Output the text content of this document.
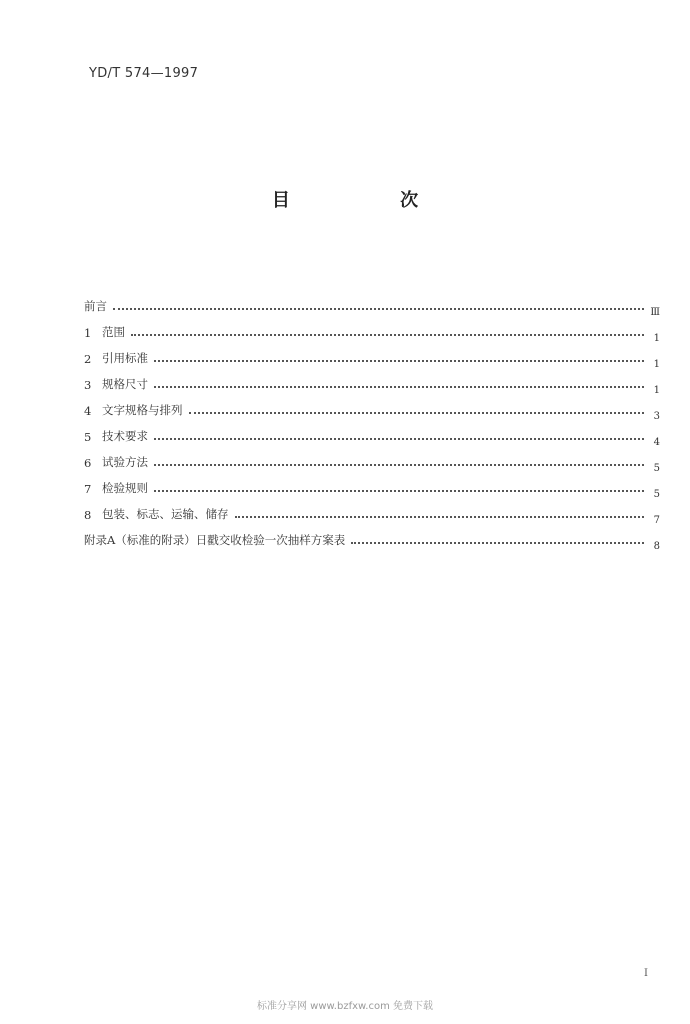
YD/T 574—1997
目 次
前言	Ⅲ
1 范围	1
2 引用标准	1
3 规格尺寸	1
4 文字规格与排列	3
5 技术要求	4
6 试验方法	5
7 检验规则	5
8 包装、标志、运输、储存	7
附录A（标准的附录）日戳交收检验一次抽样方案表	8
Ⅰ
标准分享网 www.bzfxw.com 免费下载
